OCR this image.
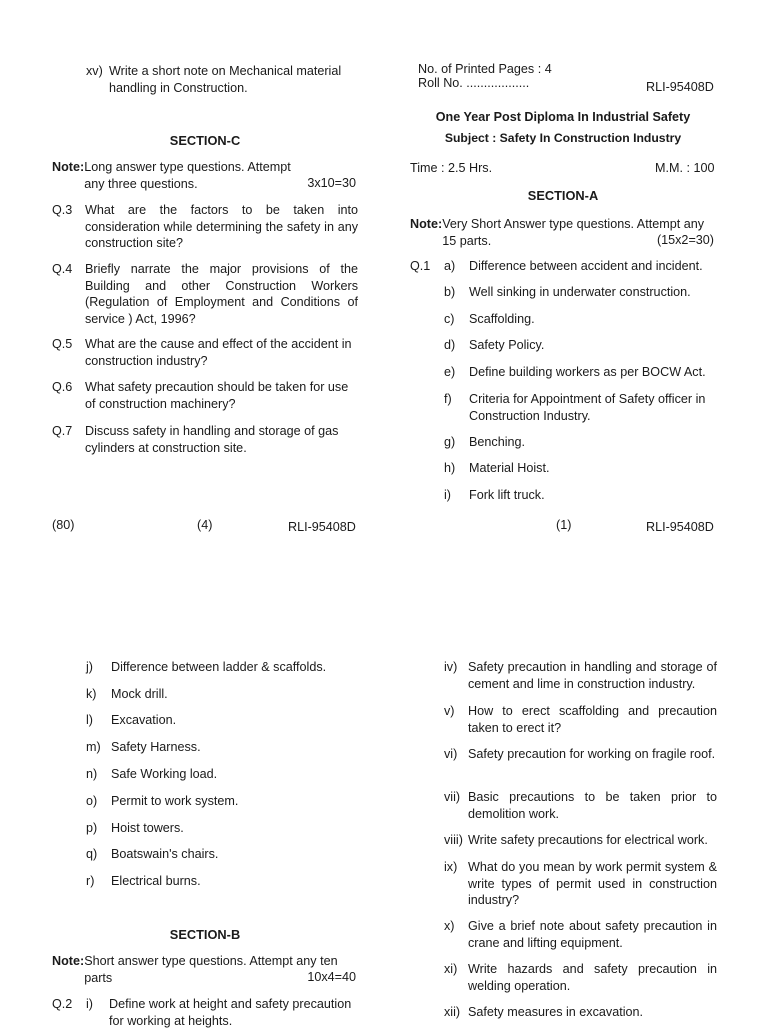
xv) Write a short note on Mechanical material handling in Construction.
SECTION-C
Note:Long answer type questions. Attempt any three questions.	3x10=30
Q.3 What are the factors to be taken into consideration while determining the safety in any construction site?
Q.4 Briefly narrate the major provisions of the Building and other Construction Workers (Regulation of Employment and Conditions of service ) Act, 1996?
Q.5 What are the cause and effect of the accident in construction industry?
Q.6 What safety precaution should be taken for use of construction machinery?
Q.7 Discuss safety in handling and storage of gas cylinders at construction site.
(80)	(4)	RLI-95408D
No. of Printed Pages : 4
Roll No. ..................	RLI-95408D
One Year Post Diploma In Industrial Safety
Subject : Safety In Construction Industry
Time : 2.5 Hrs.	M.M. : 100
SECTION-A
Note:Very Short Answer type questions. Attempt any 15 parts.	(15x2=30)
Q.1 a) Difference between accident and incident.
b) Well sinking in underwater construction.
c) Scaffolding.
d) Safety Policy.
e) Define building workers as per BOCW Act.
f) Criteria for Appointment of Safety officer in Construction Industry.
g) Benching.
h) Material Hoist.
i) Fork lift truck.
(1)	RLI-95408D
j) Difference between ladder & scaffolds.
k) Mock drill.
l) Excavation.
m) Safety Harness.
n) Safe Working load.
o) Permit to work system.
p) Hoist towers.
q) Boatswain's chairs.
r) Electrical burns.
SECTION-B
Note:Short answer type questions. Attempt any ten parts	10x4=40
Q.2 i) Define work at height and safety precaution for working at heights.
iv) Safety precaution in handling and storage of cement and lime in construction industry.
v) How to erect scaffolding and precaution taken to erect it?
vi) Safety precaution for working on fragile roof.
vii) Basic precautions to be taken prior to demolition work.
viii) Write safety precautions for electrical work.
ix) What do you mean by work permit system & write types of permit used in construction industry?
x) Give a brief note about safety precaution in crane and lifting equipment.
xi) Write hazards and safety precaution in welding operation.
xii) Safety measures in excavation.
